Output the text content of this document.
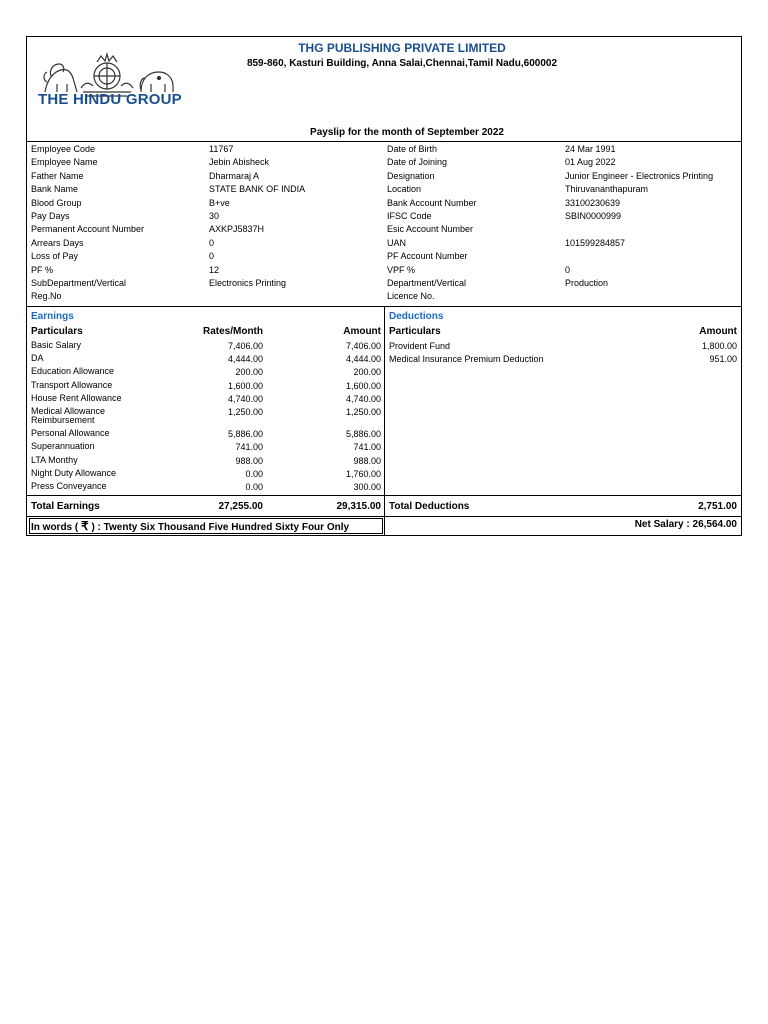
THE HINDU GROUP
THG PUBLISHING PRIVATE LIMITED
859-860, Kasturi Building, Anna Salai,Chennai,Tamil Nadu,600002
Payslip for the month of September 2022
Employee Code	11767
Employee Name	Jebin Abisheck
Father Name	Dharmaraj A
Bank Name	STATE BANK OF INDIA
Blood Group	B+ve
Pay Days	30
Permanent Account Number	AXKPJ5837H
Arrears Days	0
Loss of Pay	0
PF %	12
SubDepartment/Vertical	Electronics Printing
Reg.No
Date of Birth	24 Mar 1991
Date of Joining	01 Aug 2022
Designation	Junior Engineer - Electronics Printing
Location	Thiruvananthapuram
Bank Account Number	33100230639
IFSC Code	SBIN0000999
Esic Account Number
UAN	101599284857
PF Account Number
VPF %	0
Department/Vertical	Production
Licence No.
Earnings	Deductions
Particulars	Rates/Month	Amount Particulars	Amount
Basic Salary	7,406.00	7,406.00
DA	4,444.00	4,444.00
Education Allowance	200.00	200.00
Transport Allowance	1,600.00	1,600.00
House Rent Allowance	4,740.00	4,740.00
Medical Allowance Reimbursement
1,250.00	1,250.00
Personal Allowance	5,886.00	5,886.00
Superannuation	741.00	741.00
LTA Monthy	988.00	988.00
Night Duty Allowance	0.00	1,760.00
Press Conveyance	0.00	300.00
Provident Fund	1,800.00
Medical Insurance Premium Deduction	951.00
Total Earnings	27,255.00	29,315.00 Total Deductions	2,751.00
In words ( ₹ ) : Twenty Six Thousand Five Hundred Sixty Four Only	Net Salary : 26,564.00
